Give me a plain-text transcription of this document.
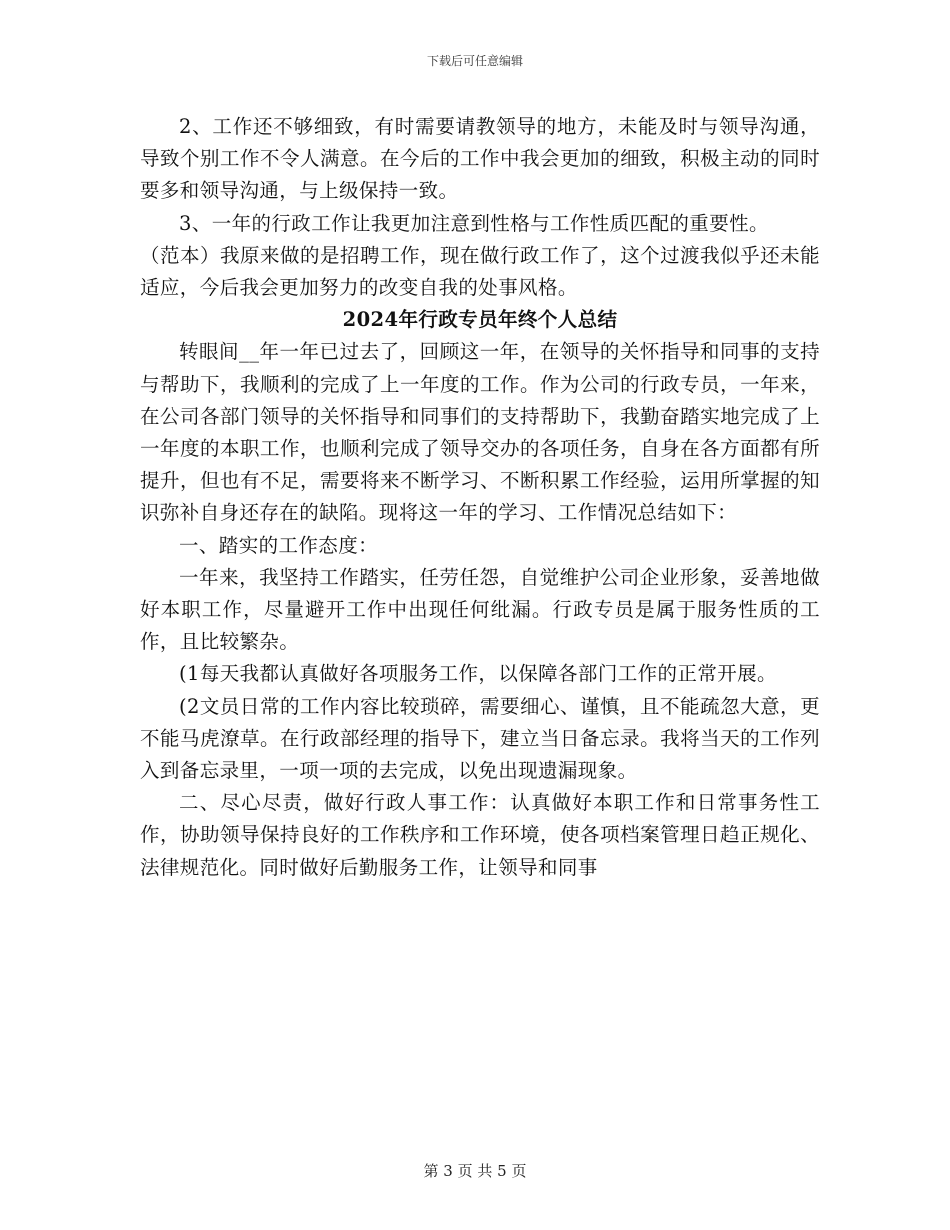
下载后可任意编辑

2、工作还不够细致，有时需要请教领导的地方，未能及时与领导沟通，导致个别工作不令人满意。在今后的工作中我会更加的细致，积极主动的同时要多和领导沟通，与上级保持一致。

3、一年的行政工作让我更加注意到性格与工作性质匹配的重要性。

（范本）我原来做的是招聘工作，现在做行政工作了，这个过渡我似乎还未能适应，今后我会更加努力的改变自我的处事风格。

2024年行政专员年终个人总结

转眼间__年一年已过去了，回顾这一年，在领导的关怀指导和同事的支持与帮助下，我顺利的完成了上一年度的工作。作为公司的行政专员，一年来，在公司各部门领导的关怀指导和同事们的支持帮助下，我勤奋踏实地完成了上一年度的本职工作，也顺利完成了领导交办的各项任务，自身在各方面都有所提升，但也有不足，需要将来不断学习、不断积累工作经验，运用所掌握的知识弥补自身还存在的缺陷。现将这一年的学习、工作情况总结如下：

一、踏实的工作态度：

一年来，我坚持工作踏实，任劳任怨，自觉维护公司企业形象，妥善地做好本职工作，尽量避开工作中出现任何纰漏。行政专员是属于服务性质的工作，且比较繁杂。

(1每天我都认真做好各项服务工作，以保障各部门工作的正常开展。

(2文员日常的工作内容比较琐碎，需要细心、谨慎，且不能疏忽大意，更不能马虎潦草。在行政部经理的指导下，建立当日备忘录。我将当天的工作列入到备忘录里，一项一项的去完成，以免出现遗漏现象。

二、尽心尽责，做好行政人事工作：认真做好本职工作和日常事务性工作，协助领导保持良好的工作秩序和工作环境，使各项档案管理日趋正规化、法律规范化。同时做好后勤服务工作，让领导和同事

第 3 页 共 5 页
